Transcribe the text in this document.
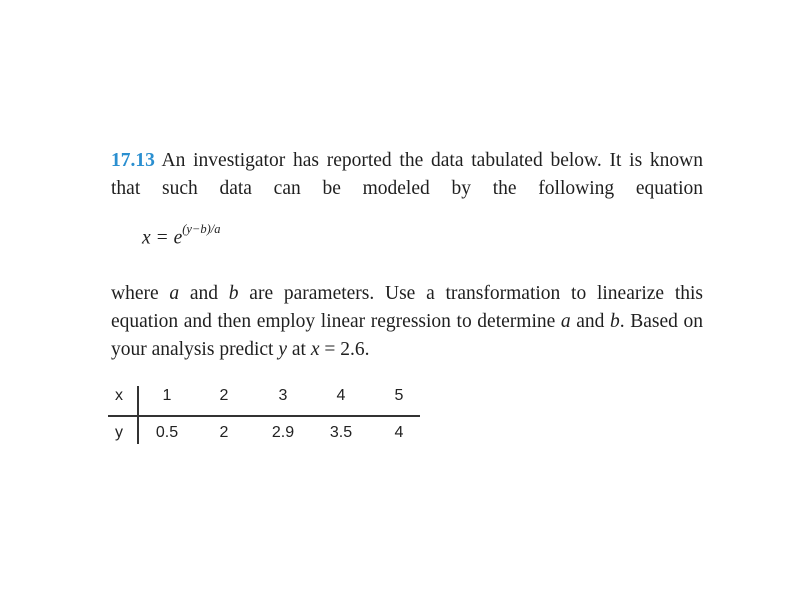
17.13 An investigator has reported the data tabulated below. It is known that such data can be modeled by the following equation

$x = e^{(y-b)/a}$

where a and b are parameters. Use a transformation to linearize this equation and then employ linear regression to determine a and b. Based on your analysis predict y at x = 2.6.

x	1	2	3	4	5
y	0.5	2	2.9	3.5	4
